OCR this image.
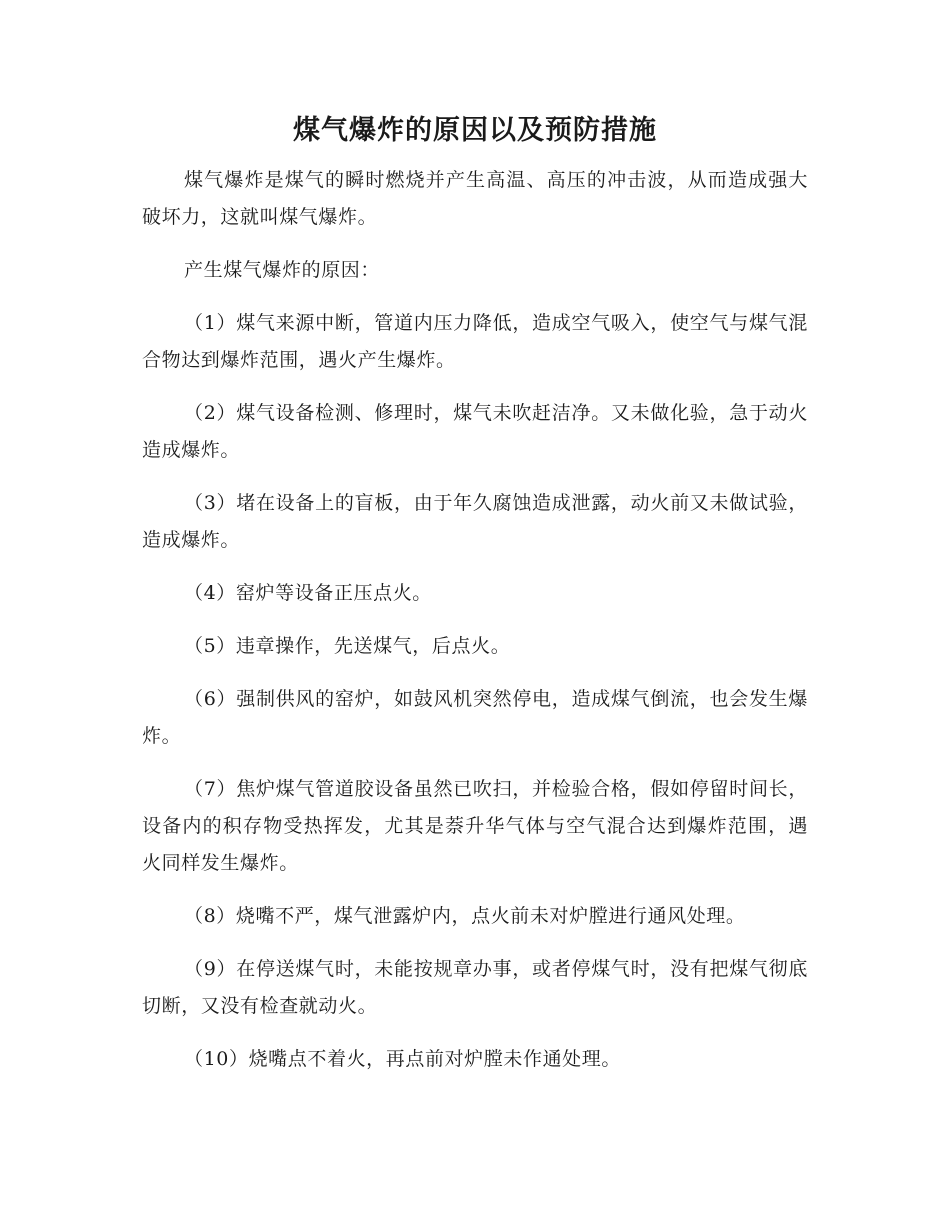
煤气爆炸的原因以及预防措施

煤气爆炸是煤气的瞬时燃烧并产生高温、高压的冲击波，从而造成强大破坏力，这就叫煤气爆炸。

产生煤气爆炸的原因：

（1）煤气来源中断，管道内压力降低，造成空气吸入，使空气与煤气混合物达到爆炸范围，遇火产生爆炸。

（2）煤气设备检测、修理时，煤气未吹赶洁净。又未做化验，急于动火造成爆炸。

（3）堵在设备上的盲板，由于年久腐蚀造成泄露，动火前又未做试验，造成爆炸。

（4）窑炉等设备正压点火。

（5）违章操作，先送煤气，后点火。

（6）强制供风的窑炉，如鼓风机突然停电，造成煤气倒流，也会发生爆炸。

（7）焦炉煤气管道胶设备虽然已吹扫，并检验合格，假如停留时间长，设备内的积存物受热挥发，尤其是萘升华气体与空气混合达到爆炸范围，遇火同样发生爆炸。

（8）烧嘴不严，煤气泄露炉内，点火前未对炉膛进行通风处理。

（9）在停送煤气时，未能按规章办事，或者停煤气时，没有把煤气彻底切断，又没有检查就动火。

（10）烧嘴点不着火，再点前对炉膛未作通处理。
